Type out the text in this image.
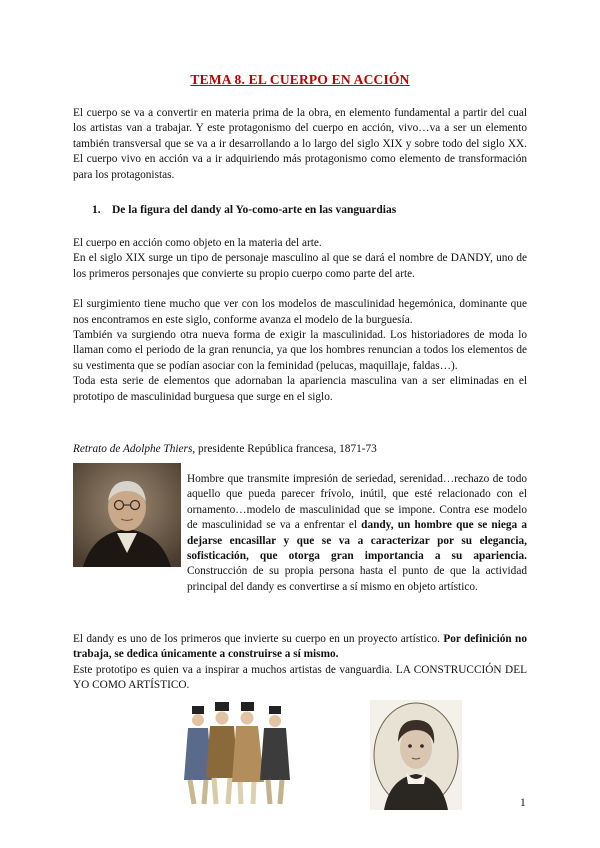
TEMA 8. EL CUERPO EN ACCIÓN

El cuerpo se va a convertir en materia prima de la obra, en elemento fundamental a partir del cual los artistas van a trabajar. Y este protagonismo del cuerpo en acción, vivo…va a ser un elemento también transversal que se va a ir desarrollando a lo largo del siglo XIX y sobre todo del siglo XX. El cuerpo vivo en acción va a ir adquiriendo más protagonismo como elemento de transformación para los protagonistas.

1. De la figura del dandy al Yo-como-arte en las vanguardias

El cuerpo en acción como objeto en la materia del arte.

En el siglo XIX surge un tipo de personaje masculino al que se dará el nombre de DANDY, uno de los primeros personajes que convierte su propio cuerpo como parte del arte.

El surgimiento tiene mucho que ver con los modelos de masculinidad hegemónica, dominante que nos encontramos en este siglo, conforme avanza el modelo de la burguesía.

También va surgiendo otra nueva forma de exigir la masculinidad. Los historiadores de moda lo llaman como el periodo de la gran renuncia, ya que los hombres renuncian a todos los elementos de su vestimenta que se podían asociar con la feminidad (pelucas, maquillaje, faldas…).

Toda esta serie de elementos que adornaban la apariencia masculina van a ser eliminadas en el prototipo de masculinidad burguesa que surge en el siglo.

Retrato de Adolphe Thiers, presidente República francesa, 1871-73
Hombre que transmite impresión de seriedad, serenidad…rechazo de todo aquello que pueda parecer frívolo, inútil, que esté relacionado con el ornamento…modelo de masculinidad que se impone. Contra ese modelo de masculinidad se va a enfrentar el dandy, un hombre que se niega a dejarse encasillar y que se va a caracterizar por su elegancia, sofisticación, que otorga gran importancia a su apariencia. Construcción de su propia persona hasta el punto de que la actividad principal del dandy es convertirse a sí mismo en objeto artístico.

El dandy es uno de los primeros que invierte su cuerpo en un proyecto artístico. Por definición no trabaja, se dedica únicamente a construirse a sí mismo.

Este prototipo es quien va a inspirar a muchos artistas de vanguardia. LA CONSTRUCCIÓN DEL YO COMO ARTÍSTICO.

1
